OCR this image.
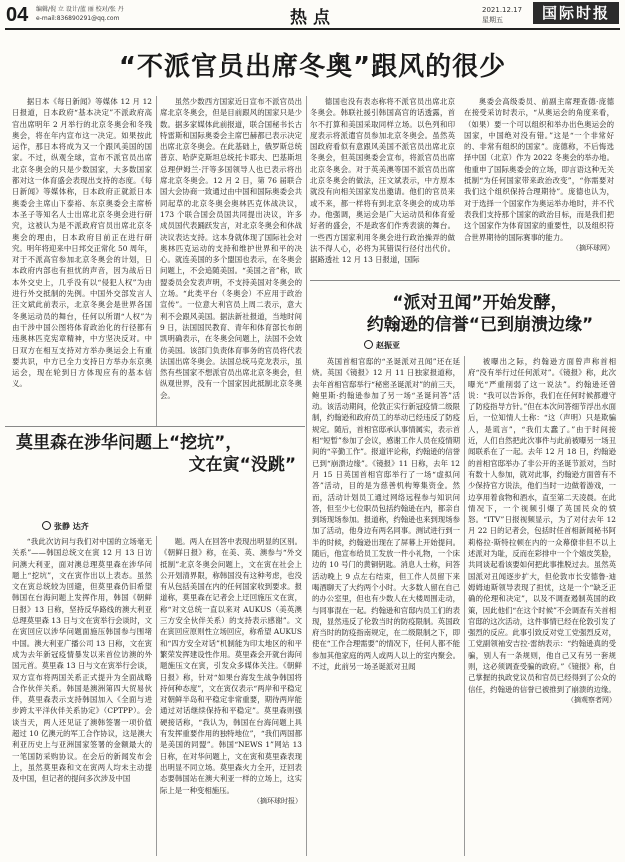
04 编辑/倪 立 设计/蓝 丽 校对/张 丹
e-mail:836890291@qq.com	热点	2021.12.17
星期五	国际时报
“不派官员出席冬奥”跟风的很少

据日本《每日新闻》等媒体 12 月 12 日报道，日本政府“基本决定”不派政府高官出席明年 2 月举行的北京冬奥会和冬残奥会，将在年内宣布这一决定。如果按此运作，那日本将成为又一个跟风美国的国家。不过，纵观全球，宣布不派官员出席北京冬奥会的只是少数国家，大多数国家都对这一体育盛会表现出支持的态度。《每日新闻》等媒体称，日本政府正就派日本奥委会主席山下泰裕、东京奥委会主席桥本圣子等知名人士出席北京冬奥会进行研究，这被认为是不派政府官员出席北京冬奥会的理由，日本政府目前正在进行研究。明年将迎来中日邦交正常化 50 周年，对于不派高官参加北京冬奥会的计划，日本政府内部也有担忧的声音，因为战后日本外交史上，几乎没有以“侵犯人权”为由进行外交抵制的先例。中国外交部发言人汪文斌此前表示，北京冬奥会是世界各国冬奥运动员的舞台，任何以所谓“人权”为由干涉中国公图将体育政治化的行径都有违奥林匹克宪章精神，中方坚决反对。中日双方在相互支持对方举办奥运会上有重要共识，中方已全力支持日方举办东京奥运会，现在轮到日方体现应有的基本信义。

虽然少数西方国家近日宣布不派官员出席北京冬奥会，但是目前跟风的国家只是少数。据多家媒体此前报道，联合国秘书长古特雷斯和国际奥委会主席巴赫都已表示决定出席北京冬奥会。在此基础上，俄罗斯总统普京、哈萨克斯坦总统托卡耶夫、巴基斯坦总理伊姆兰·汗等多国领导人也已表示将出席北京冬奥会。12 月 2 日，第 76 届联合国大会协商一致通过由中国和国际奥委会共同起草的北京冬奥会奥林匹克休战决议，173 个联合国会员国共同提出决议，许多成员国代表踊跃发言，对北京冬奥会和休战决议表达支持。这本身就体现了国际社会对奥林匹克运动的支持和维护世界和平的决心。就连美国的多个盟国也表示，在冬奥会问题上，不会追随美国。“美国之音”称，欧盟委员会发表声明，不支持美国对冬奥会的立场。“此类平台（冬奥会）不应用于政治宣传”。一位意大利官员上周二表示，意大利不会跟风美国。据法新社报道，当地时间 9 日，法国国民教育、青年和体育部长布朗凯明确表示，在冬奥会问题上，法国不会效仿美国。该部门负责体育事务的官员将代表法国出席冬奥会。法国总统马克龙表示，虽然有些国家不想派官员出席北京冬奥会，但纵观世界，没有一个国家因此抵制北京冬奥会。

德国也没有表态称将不派官员出席北京冬奥会。韩联社援引韩国高官的话透露，首尔不打算和美国采取同样立场。以色列和印度表示将派遣官员参加北京冬奥会。虽然英国政府看似有意跟风美国不派官员出席北京冬奥会，但英国奥委会宣布，将派官员出席北京冬奥会。对于英美澳等国不派官员出席北京冬奥会的做法，汪文斌表示，中方原本就没有向相关国家发出邀请。他们的官员来或不来，都一样将有到北京冬奥会的成功举办。他强调，奥运会是广大运动员和体育爱好者的盛会，不是政客们作秀表演的舞台。一些西方国家利用冬奥会进行政治操弄的做法不得人心，必将为其错误行径付出代价。据路透社 12 月 13 日报道，国际

奥委会高级委员、前副主席理查德·庞德在接受采访时表示，“从奥运会的角度来看，（如果）要一个可以组织和举办出色奥运会的国家，中国绝对没有错。”这是“一个非常好的、非常有组织的国家”。庞德称，不后悔选择中国（北京）作为 2022 冬奥会的举办地。他重申了国际奥委会的立场，即言语这种无关抵制“为任何国家带来政治改变”，“你需要对我们这个组织保持合理期待”。庞德也认为，对于选择一个国家作为奥运举办地时，并不代表我们支持那个国家的政治目标，而是我们把这个国家作为体育国家的重要性，以及组织符合世界期待的国际赛事的能力。

（摘环球网）
“派对丑闻”开始发酵，
约翰逊的信誉“已到崩溃边缘”
赵振亚

英国首相官邸的“圣诞派对丑闻”还在延烧。英国《镜报》12 月 11 日独家报道称，去年首相官邸举行“秘密圣诞派对”的前三天，鲍里斯·约翰逊参加了另一场“圣诞问答”活动。该活动期间，伦敦正实行新冠疫情二级限制，约翰逊和政府员工的举动已经违反了防疫规定。随后，首相官邸承认事情属实，表示首相“短暂”参加了会议，感谢工作人员在疫情期间的“辛勤工作”。报道评论称，约翰逊的信誉已到“崩溃边缘”。《镜报》11 日称，去年 12 月 15 日英国首相官邸举行了一场“虚拟问答”活动，目的是为慈善机构筹集资金。然而，活动计划员工通过网络远程参与知识问答，但至少七位职员包括约翰逊在内，都亲自到场现场参加。报道称，约翰逊也来到现场参加了活动，他身边有两名同事。测试进行到一半的时候，约翰逊出现在了屏幕上开始提问。随后，他宣布给员工发放一件小礼物，一个床边的 10 号门的黄铜钥匙。消息人士称，问答活动晚上 9 点左右结束，但工作人员留下来喝酒聊天了大约两个小时。大多数人留在自己的办公室里，但也有少数人在大楼周围走动，与同事混在一起。约翰逊和官邸内员工们的表现，显然违反了伦敦当时的防疫限制。英国政府当时的防疫指南规定，在二级限制之下，即使在“工作合理需要”的情况下，任何人都不能参加其他家庭的两人或两人以上的室内聚会。不过，此前另一场圣诞派对丑闻

被曝出之际，约翰逊方面曾声称首相府“没有举行过任何派对”。《镜报》称，此次曝光“严重削弱了这一说法”。约翰逊还曾说：“我可以告诉你，我们在任何时候都遵守了防疫指导方针。”但在本次问答细节浮出水面后，一位知情人士称：“这（声明）只是欺骗人，是谎言”，“我们太蠢了。”由于时间接近，人们自然把此次事件与此前被曝另一场丑闻联系在了一起。去年 12 月 18 日，约翰逊的首相官邸举办了非公开的圣诞节派对，当时有数十人参加，就对此事，约翰逊方面曾有不少保持官方说法，他们当时一边做着游戏，一边享用着食物和酒水，直至第二天凌晨。在此情况下，一个视频引爆了英国民众的愤怒。“ITV”日报视频显示，为了对付去年 12 月 22 日的记者会，包括时任首相新闻秘书阿莉格拉·斯特拉顿在内的一众幕僚非但不以上述派对为耻，反而在彩排中一个个嬉皮笑脸，共同谈起看该要如何把此事推脱过去。虽然英国派对丑闻逐步扩大，但伦敦市长安德鲁·迪姆姆迪斯领导表现了担忧，这是一个“缺乏正确的伦理和决定”，以及不调查遏制英国的政策，因此他们“在这个时候”不会调查有关首相官邸的这次活动，这件事情已经在伦敦引发了强烈的反应。此事引致反对党工党强烈反对，工党副领袖安吉拉·雷纳表示：“约翰逊真的受骗，别人有一条规则，他自己又有另一套规则，这必须调查受骗的政府。”《镜报》称，自己掌握的执政党议员和官员已经得到了公众的信任，约翰逊的信誉已被推到了崩溃的边缘。

（摘观察者网）
莫里森在涉华问题上“挖坑”，
文在寅“没跳”
张静 达齐

“我此次访问与我们对中国的立场毫无关系”——韩国总统文在寅 12 月 13 日访问澳大利亚，面对澳总理莫里森在涉华问题上“挖坑”，文在寅作出以上表态。虽然文在寅总统较为回避，但莫里森仍旧希望韩国在台海问题上发挥作用，韩国《朝鲜日报》13 日称，坚持反华路线的澳大利亚总理莫里森 13 日与文在寅举行会谈时，文在寅回应以涉华问题面施压韩国参与围堵中国。澳大利亚广播公司 13 日称，文在寅成为去年新冠疫情暴发以来首位访澳的外国元首。莫里森 13 日与文在寅举行会谈，双方宣布将两国关系正式提升为全面战略合作伙伴关系。韩国是澳洲第四大贸易伙伴，莫里森表示支持韩国加入《全面与进步跨太平洋伙伴关系协定》（CPTPP）。会谈当天，两人还见证了澳韩签署一项价值超过 10 亿澳元的军工合作协议，这是澳大利亚历史上与亚洲国家签署的金额最大的一笔国防采购协议。在会后的新闻发布会上，虽然莫里森和文在寅两人均未主动提及中国，但记者的提问多次涉及中国

题。两人在回答中表现出明显的区别。《朝鲜日报》称，在美、英、澳参与“外交抵制”北京冬奥会问题上，文在寅在社会上公开划清界限，称韩国没有这种考虑，也没有从包括美国在内的任何国家收到要求。报道称，莫里森在记者会上迂回施压文在寅，称“对文总统一直以来对 AUKUS（美英澳三方安全伙伴关系）的支持表示感谢”。文在寅回应原则性立场回应，称希望 AUKUS 和“四方安全对话”机制能为印太地区的和平繁荣发挥建设性作用。莫里森会开就台海问题施压文在寅，引发众多媒体关注。《朝鲜日报》称，针对“如果台海发生战争韩国将持何种态度”，文在寅仅表示“两岸和平稳定对朝鲜半岛和平稳定非常重要，期待两岸能通过对话继续保持和平稳定”。莫里森则强硬接话称，“我认为，韩国在台海问题上具有发挥重要作用的独特地位”，“我们两国都是美国的同盟”。韩国“NEWS 1”网站 13 日称，在对华问题上，文在寅和莫里森表现出明显不同立场。莫里森火力全开，迂回表态要韩国站在澳大利亚一样的立场上，这实际上是一种变相施压。

（摘环球时报）
